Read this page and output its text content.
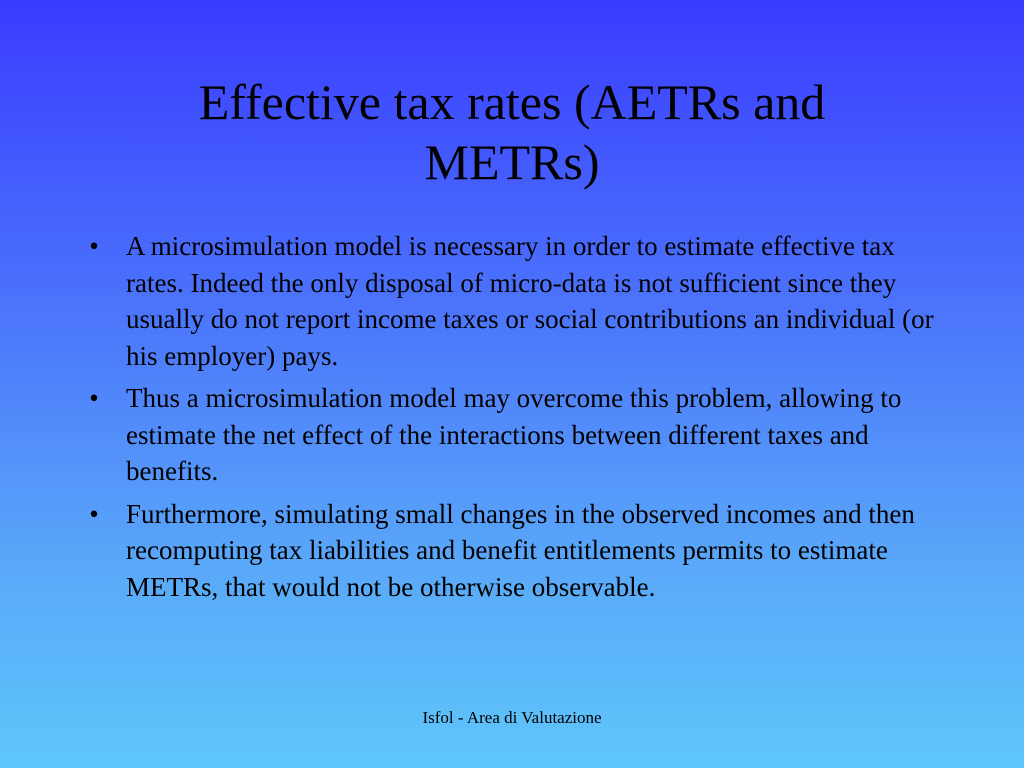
Effective tax rates (AETRs and METRs)
• A microsimulation model is necessary in order to estimate effective tax rates. Indeed the only disposal of micro-data is not sufficient since they usually do not report income taxes or social contributions an individual (or his employer) pays.
• Thus a microsimulation model may overcome this problem, allowing to estimate the net effect of the interactions between different taxes and benefits.
• Furthermore, simulating small changes in the observed incomes and then recomputing tax liabilities and benefit entitlements permits to estimate METRs, that would not be otherwise observable.
Isfol - Area di Valutazione
